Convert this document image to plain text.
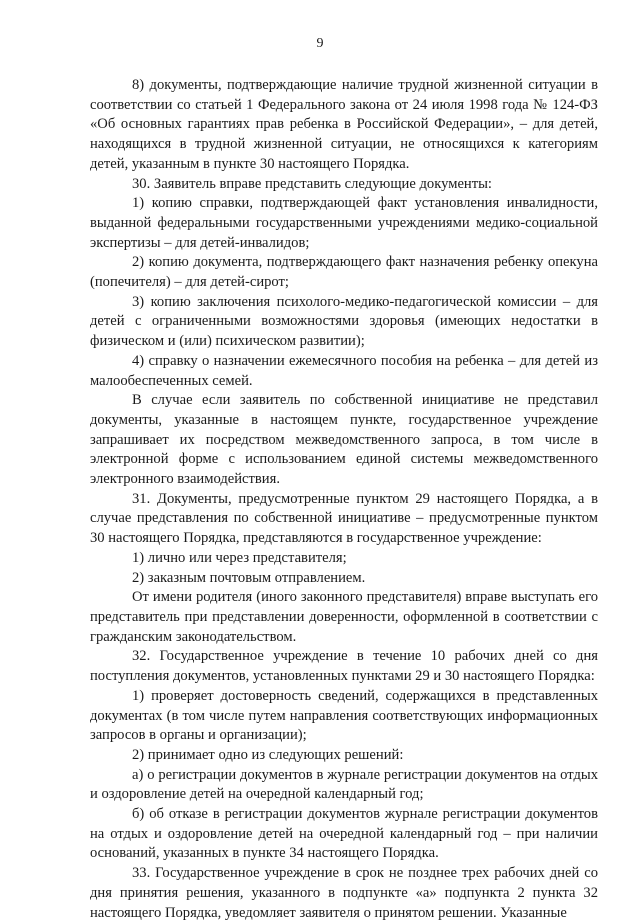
9

8) документы, подтверждающие наличие трудной жизненной ситуации в соответствии со статьей 1 Федерального закона от 24 июля 1998 года № 124-ФЗ «Об основных гарантиях прав ребенка в Российской Федерации», – для детей, находящихся в трудной жизненной ситуации, не относящихся к категориям детей, указанным в пункте 30 настоящего Порядка.

30. Заявитель вправе представить следующие документы:

1) копию справки, подтверждающей факт установления инвалидности, выданной федеральными государственными учреждениями медико-социальной экспертизы – для детей-инвалидов;

2) копию документа, подтверждающего факт назначения ребенку опекуна (попечителя) – для детей-сирот;

3) копию заключения психолого-медико-педагогической комиссии – для детей с ограниченными возможностями здоровья (имеющих недостатки в физическом и (или) психическом развитии);

4) справку о назначении ежемесячного пособия на ребенка – для детей из малообеспеченных семей.

В случае если заявитель по собственной инициативе не представил документы, указанные в настоящем пункте, государственное учреждение запрашивает их посредством межведомственного запроса, в том числе в электронной форме с использованием единой системы межведомственного электронного взаимодействия.

31. Документы, предусмотренные пунктом 29 настоящего Порядка, а в случае представления по собственной инициативе – предусмотренные пунктом 30 настоящего Порядка, представляются в государственное учреждение:

1) лично или через представителя;

2) заказным почтовым отправлением.

От имени родителя (иного законного представителя) вправе выступать его представитель при представлении доверенности, оформленной в соответствии с гражданским законодательством.

32. Государственное учреждение в течение 10 рабочих дней со дня поступления документов, установленных пунктами 29 и 30 настоящего Порядка:

1) проверяет достоверность сведений, содержащихся в представленных документах (в том числе путем направления соответствующих информационных запросов в органы и организации);

2) принимает одно из следующих решений:

а) о регистрации документов в журнале регистрации документов на отдых и оздоровление детей на очередной календарный год;

б) об отказе в регистрации документов журнале регистрации документов на отдых и оздоровление детей на очередной календарный год – при наличии оснований, указанных в пункте 34 настоящего Порядка.

33. Государственное учреждение в срок не позднее трех рабочих дней со дня принятия решения, указанного в подпункте «а» подпункта 2 пункта 32 настоящего Порядка, уведомляет заявителя о принятом решении. Указанные
